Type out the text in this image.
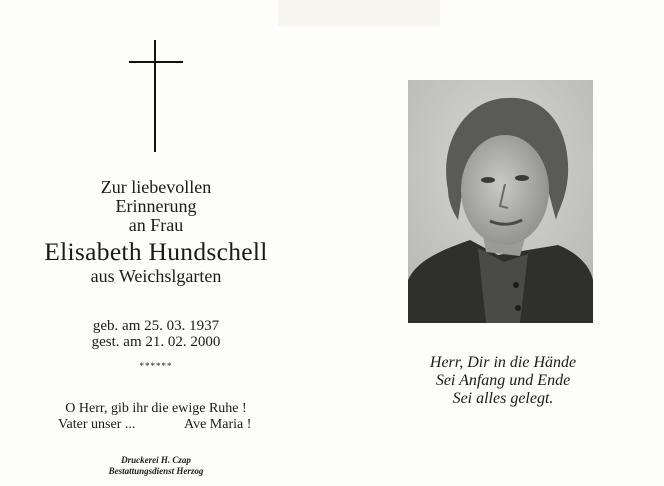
Zur liebevollen
Erinnerung
an Frau
Elisabeth Hundschell
aus Weichslgarten
geb. am 25. 03. 1937
gest. am 21. 02. 2000
******
O Herr, gib ihr die ewige Ruhe !
Vater unser ...	Ave Maria !
Druckerei H. Czap
Bestattungsdienst Herzog
Herr, Dir in die Hände
Sei Anfang und Ende
Sei alles gelegt.
